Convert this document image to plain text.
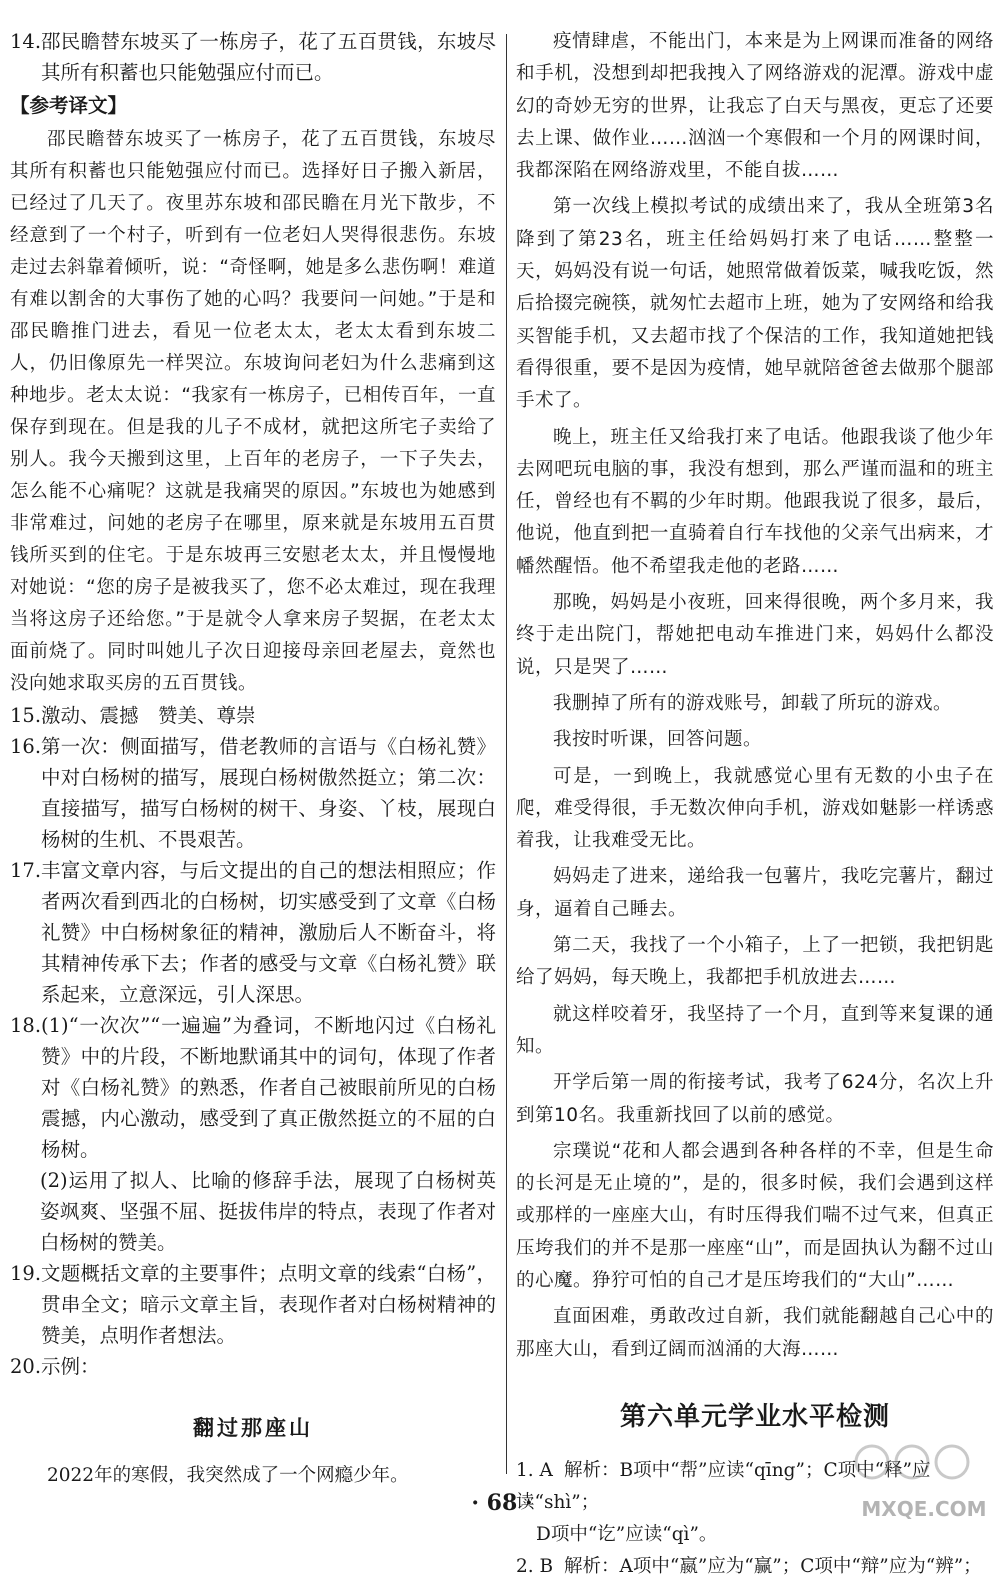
14. 邵民瞻替东坡买了一栋房子，花了五百贯钱，东坡尽其所有积蓄也只能勉强应付而已。
【参考译文】
邵民瞻替东坡买了一栋房子，花了五百贯钱，东坡尽其所有积蓄也只能勉强应付而已。选择好日子搬入新居，已经过了几天了。夜里苏东坡和邵民瞻在月光下散步，不经意到了一个村子，听到有一位老妇人哭得很悲伤。东坡走过去斜靠着倾听，说：“奇怪啊，她是多么悲伤啊！难道有难以割舍的大事伤了她的心吗？我要问一问她。”于是和邵民瞻推门进去，看见一位老太太，老太太看到东坡二人，仍旧像原先一样哭泣。东坡询问老妇为什么悲痛到这种地步。老太太说：“我家有一栋房子，已相传百年，一直保存到现在。但是我的儿子不成材，就把这所宅子卖给了别人。我今天搬到这里，上百年的老房子，一下子失去，怎么能不心痛呢？这就是我痛哭的原因。”东坡也为她感到非常难过，问她的老房子在哪里，原来就是东坡用五百贯钱所买到的住宅。于是东坡再三安慰老太太，并且慢慢地对她说：“您的房子是被我买了，您不必太难过，现在我理当将这房子还给您。”于是就令人拿来房子契据，在老太太面前烧了。同时叫她儿子次日迎接母亲回老屋去，竟然也没向她求取买房的五百贯钱。
15. 激动、震撼　赞美、尊崇
16. 第一次：侧面描写，借老教师的言语与《白杨礼赞》中对白杨树的描写，展现白杨树傲然挺立；第二次：直接描写，描写白杨树的树干、身姿、丫枝，展现白杨树的生机、不畏艰苦。
17. 丰富文章内容，与后文提出的自己的想法相照应；作者两次看到西北的白杨树，切实感受到了文章《白杨礼赞》中白杨树象征的精神，激励后人不断奋斗，将其精神传承下去；作者的感受与文章《白杨礼赞》联系起来，立意深远，引人深思。
18. (1)“一次次”“一遍遍”为叠词，不断地闪过《白杨礼赞》中的片段，不断地默诵其中的词句，体现了作者对《白杨礼赞》的熟悉，作者自己被眼前所见的白杨震撼，内心激动，感受到了真正傲然挺立的不屈的白杨树。
(2)运用了拟人、比喻的修辞手法，展现了白杨树英姿飒爽、坚强不屈、挺拔伟岸的特点，表现了作者对白杨树的赞美。
19. 文题概括文章的主要事件；点明文章的线索“白杨”，贯串全文；暗示文章主旨，表现作者对白杨树精神的赞美，点明作者想法。
20. 示例：
翻过那座山
2022年的寒假，我突然成了一个网瘾少年。

疫情肆虐，不能出门，本来是为上网课而准备的网络和手机，没想到却把我拽入了网络游戏的泥潭。游戏中虚幻的奇妙无穷的世界，让我忘了白天与黑夜，更忘了还要去上课、做作业……汹汹一个寒假和一个月的网课时间，我都深陷在网络游戏里，不能自拔……

第一次线上模拟考试的成绩出来了，我从全班第3名降到了第23名，班主任给妈妈打来了电话……整整一天，妈妈没有说一句话，她照常做着饭菜，喊我吃饭，然后拾掇完碗筷，就匆忙去超市上班，她为了安网络和给我买智能手机，又去超市找了个保洁的工作，我知道她把钱看得很重，要不是因为疫情，她早就陪爸爸去做那个腿部手术了。

晚上，班主任又给我打来了电话。他跟我谈了他少年去网吧玩电脑的事，我没有想到，那么严谨而温和的班主任，曾经也有不羁的少年时期。他跟我说了很多，最后，他说，他直到把一直骑着自行车找他的父亲气出病来，才幡然醒悟。他不希望我走他的老路……

那晚，妈妈是小夜班，回来得很晚，两个多月来，我终于走出院门，帮她把电动车推进门来，妈妈什么都没说，只是哭了……

我删掉了所有的游戏账号，卸载了所玩的游戏。

我按时听课，回答问题。

可是，一到晚上，我就感觉心里有无数的小虫子在爬，难受得很，手无数次伸向手机，游戏如魅影一样诱惑着我，让我难受无比。

妈妈走了进来，递给我一包薯片，我吃完薯片，翻过身，逼着自己睡去。

第二天，我找了一个小箱子，上了一把锁，我把钥匙给了妈妈，每天晚上，我都把手机放进去……

就这样咬着牙，我坚持了一个月，直到等来复课的通知。

开学后第一周的衔接考试，我考了624分，名次上升到第10名。我重新找回了以前的感觉。

宗璞说“花和人都会遇到各种各样的不幸，但是生命的长河是无止境的”，是的，很多时候，我们会遇到这样或那样的一座座大山，有时压得我们喘不过气来，但真正压垮我们的并不是那一座座“山”，而是固执认为翻不过山的心魔。狰狞可怕的自己才是压垮我们的“大山”……

直面困难，勇敢改过自新，我们就能翻越自己心中的那座大山，看到辽阔而汹涌的大海……

第六单元学业水平检测
1. A 解析：B项中“帮”应读“qīng”；C项中“释”应读“shì”；
D项中“讫”应读“qì”。
2. B 解析：A项中“嬴”应为“赢”；C项中“辩”应为“辨”；
· 68 ·	MXQE.COM
